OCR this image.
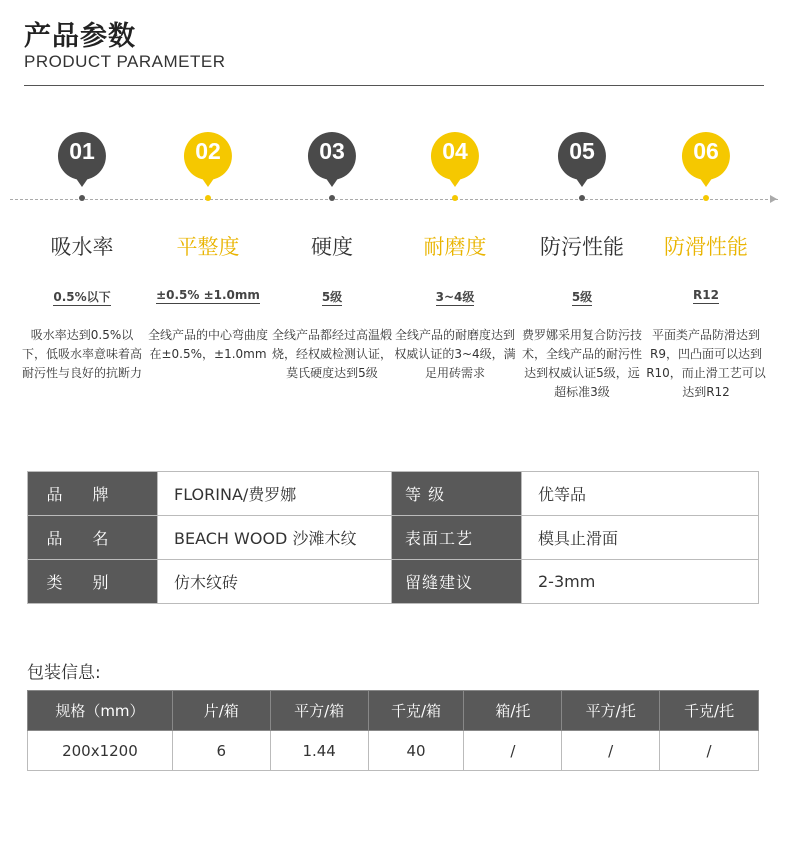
产品参数
PRODUCT PARAMETER
01
吸水率
0.5%以下
吸水率达到0.5%以下，低吸水率意味着高耐污性与良好的抗断力
02
平整度
±0.5% ±1.0mm
全线产品的中心弯曲度在±0.5%，±1.0mm
03
硬度
5级
全线产品都经过高温煅烧，经权威检测认证，莫氏硬度达到5级
04
耐磨度
3~4级
全线产品的耐磨度达到权威认证的3~4级，满足用砖需求
05
防污性能
5级
费罗娜采用复合防污技术，全线产品的耐污性达到权威认证5级，远超标准3级
06
防滑性能
R12
平面类产品防滑达到R9，凹凸面可以达到R10，而止滑工艺可以达到R12
品牌	FLORINA/费罗娜	等 级	优等品
品名	BEACH WOOD 沙滩木纹	表面工艺	模具止滑面
类别	仿木纹砖	留缝建议	2-3mm
包装信息:
规格（mm）	片/箱	平方/箱	千克/箱	箱/托	平方/托	千克/托
200x1200	6	1.44	40	/	/	/
